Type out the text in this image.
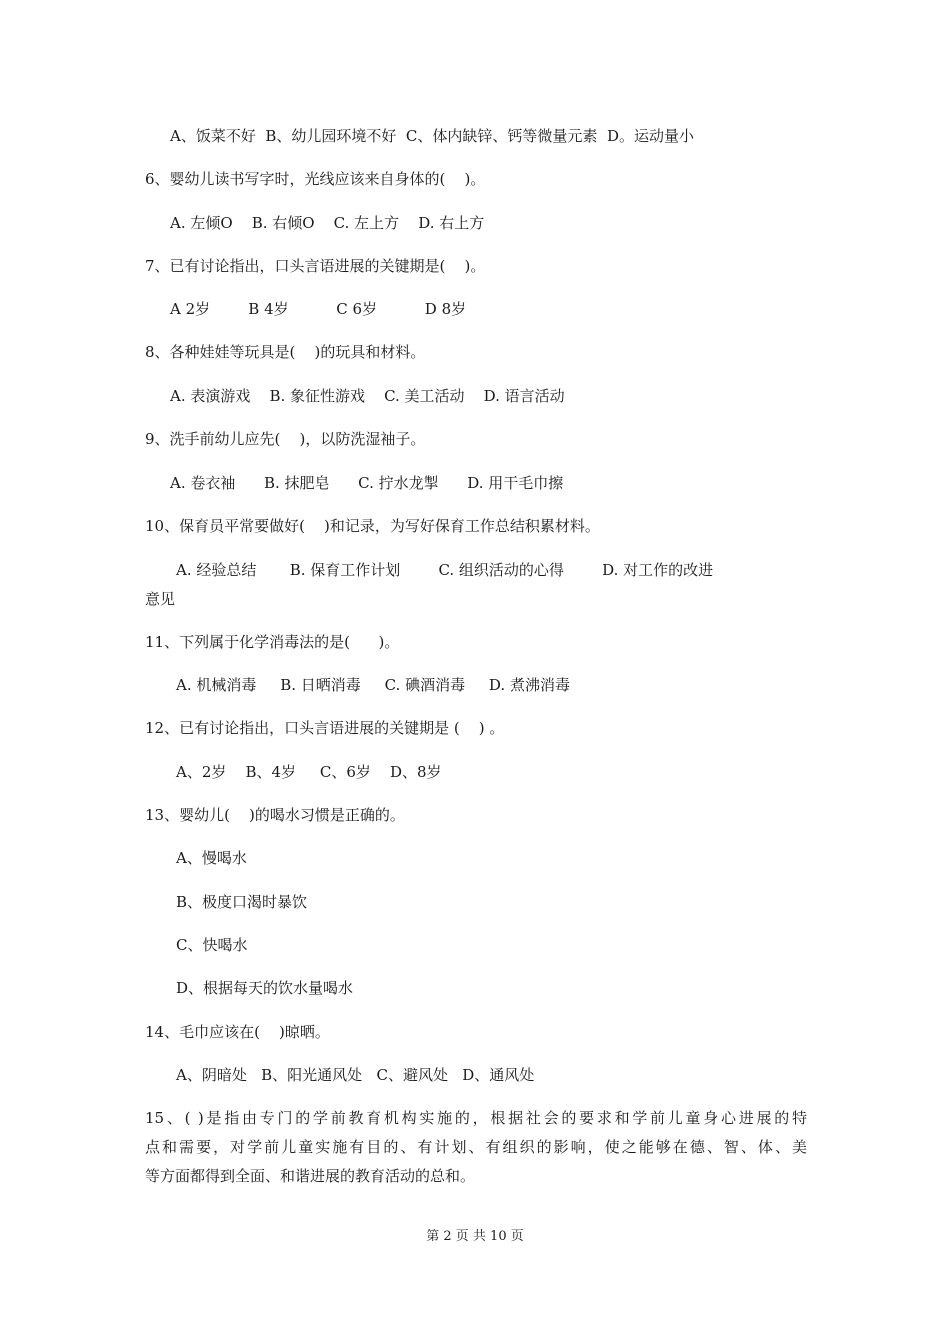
A、饭菜不好  B、幼儿园环境不好  C、体内缺锌、钙等微量元素  D。运动量小

6、婴幼儿读书写字时，光线应该来自身体的(    )。

A. 左倾O    B. 右倾O    C. 左上方    D. 右上方

7、已有讨论指出，口头言语进展的关键期是(    )。

A 2岁        B 4岁          C 6岁          D 8岁

8、各种娃娃等玩具是(    )的玩具和材料。

A. 表演游戏    B. 象征性游戏    C. 美工活动    D. 语言活动

9、洗手前幼儿应先(    )，以防洗湿袖子。

A. 卷衣袖      B. 抹肥皂      C. 拧水龙掣      D. 用干毛巾擦

10、保育员平常要做好(    )和记录，为写好保育工作总结积累材料。

A. 经验总结       B. 保育工作计划        C. 组织活动的心得        D. 对工作的改进

意见

11、下列属于化学消毒法的是(      )。

A. 机械消毒     B. 日晒消毒     C. 碘酒消毒     D. 煮沸消毒

12、已有讨论指出，口头言语进展的关键期是 (    ) 。

A、2岁    B、4岁     C、6岁    D、8岁

13、婴幼儿(    )的喝水习惯是正确的。

A、慢喝水

B、极度口渴时暴饮

C、快喝水

D、根据每天的饮水量喝水

14、毛巾应该在(    )晾晒。

A、阴暗处   B、阳光通风处   C、避风处   D、通风处

15、( )是指由专门的学前教育机构实施的，根据社会的要求和学前儿童身心进展的特

点和需要，对学前儿童实施有目的、有计划、有组织的影响，使之能够在德、智、体、美

等方面都得到全面、和谐进展的教育活动的总和。

第 2 页 共 10 页
